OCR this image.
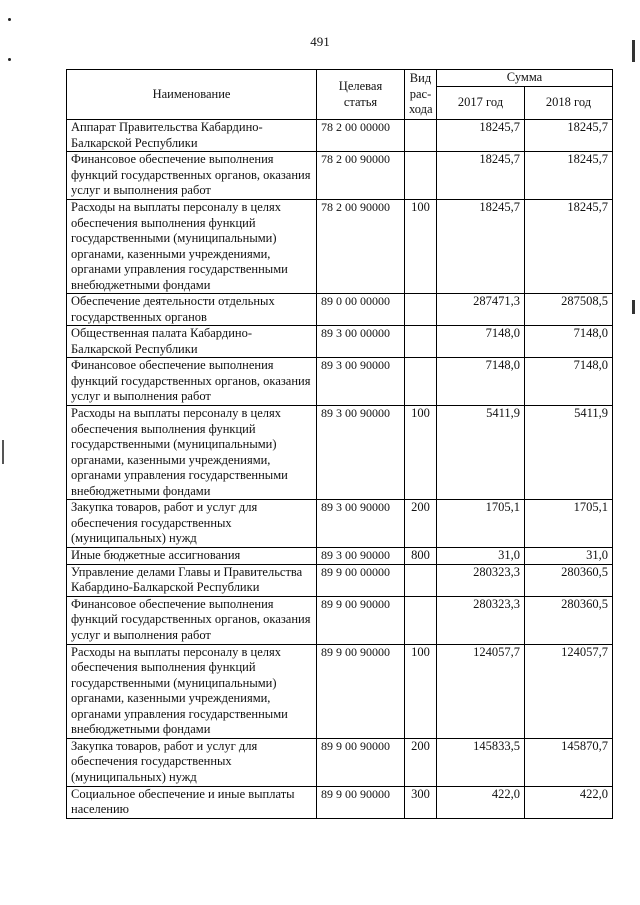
491
Наименование	Целевая статья	Вид рас-хода	Сумма	
			2017 год	2018 год
Аппарат Правительства Кабардино-Балкарской Республики	78 2 00 00000		18245,7	18245,7
Финансовое обеспечение выполнения функций государственных органов, оказания услуг и выполнения работ	78 2 00 90000		18245,7	18245,7
Расходы на выплаты персоналу в целях обеспечения выполнения функций государственными (муниципальными) органами, казенными учреждениями, органами управления государственными внебюджетными фондами	78 2 00 90000	100	18245,7	18245,7
Обеспечение деятельности отдельных государственных органов	89 0 00 00000		287471,3	287508,5
Общественная палата Кабардино-Балкарской Республики	89 3 00 00000		7148,0	7148,0
Финансовое обеспечение выполнения функций государственных органов, оказания услуг и выполнения работ	89 3 00 90000		7148,0	7148,0
Расходы на выплаты персоналу в целях обеспечения выполнения функций государственными (муниципальными) органами, казенными учреждениями, органами управления государственными внебюджетными фондами	89 3 00 90000	100	5411,9	5411,9
Закупка товаров, работ и услуг для обеспечения государственных (муниципальных) нужд	89 3 00 90000	200	1705,1	1705,1
Иные бюджетные ассигнования	89 3 00 90000	800	31,0	31,0
Управление делами Главы и Правительства Кабардино-Балкарской Республики	89 9 00 00000		280323,3	280360,5
Финансовое обеспечение выполнения функций государственных органов, оказания услуг и выполнения работ	89 9 00 90000		280323,3	280360,5
Расходы на выплаты персоналу в целях обеспечения выполнения функций государственными (муниципальными) органами, казенными учреждениями, органами управления государственными внебюджетными фондами	89 9 00 90000	100	124057,7	124057,7
Закупка товаров, работ и услуг для обеспечения государственных (муниципальных) нужд	89 9 00 90000	200	145833,5	145870,7
Социальное обеспечение и иные выплаты населению	89 9 00 90000	300	422,0	422,0
